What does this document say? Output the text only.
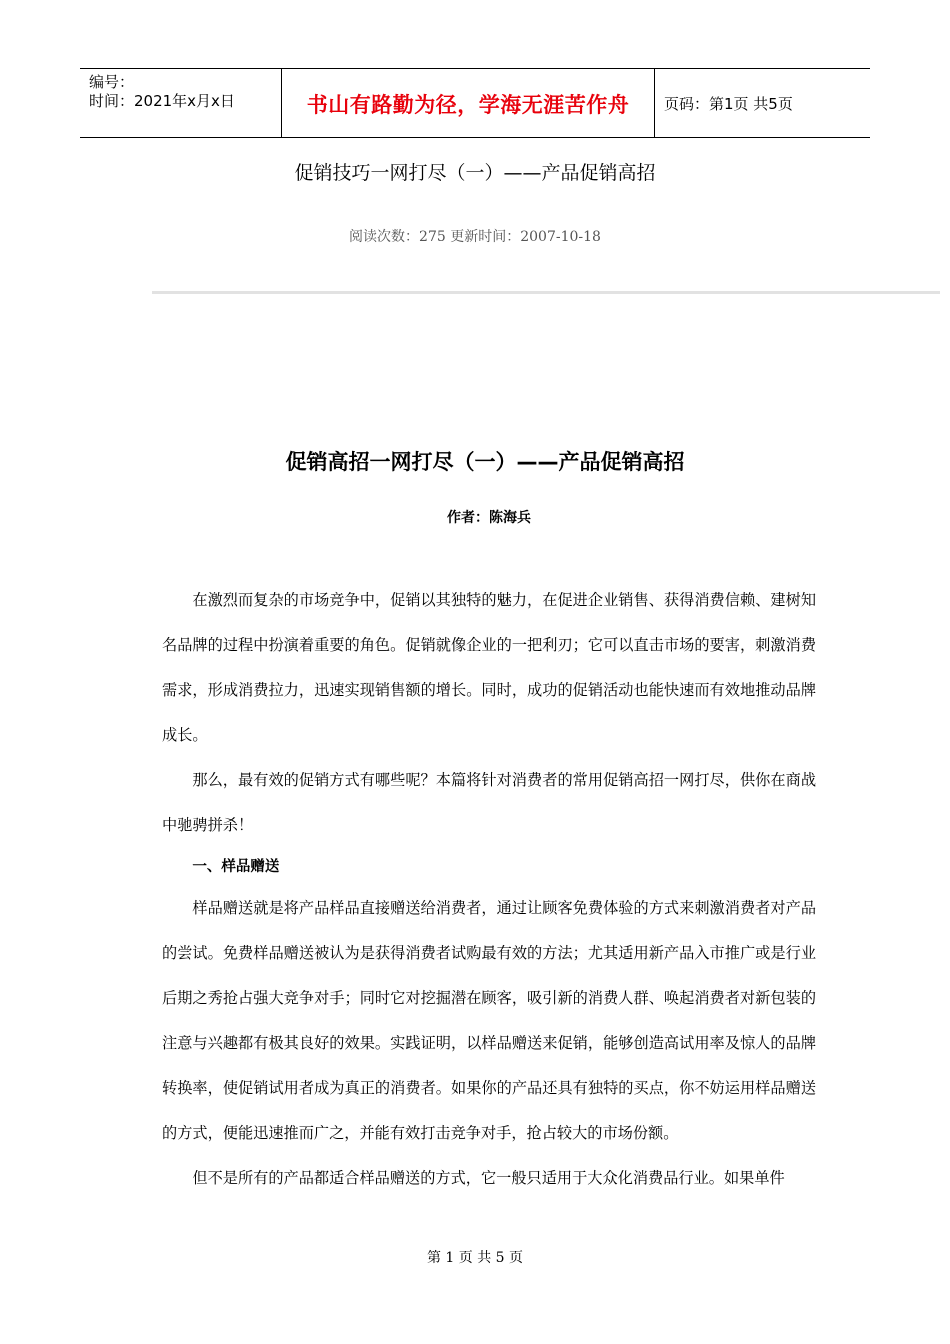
编号：
时间：2021年x月x日	书山有路勤为径，学海无涯苦作舟	页码：第1页 共5页
促销技巧一网打尽（一）——产品促销高招
阅读次数：275 更新时间：2007-10-18
促销高招一网打尽（一）——产品促销高招
作者：陈海兵

在激烈而复杂的市场竞争中，促销以其独特的魅力，在促进企业销售、获得消费信赖、建树知名品牌的过程中扮演着重要的角色。促销就像企业的一把利刃；它可以直击市场的要害，刺激消费需求，形成消费拉力，迅速实现销售额的增长。同时，成功的促销活动也能快速而有效地推动品牌成长。

那么，最有效的促销方式有哪些呢？本篇将针对消费者的常用促销高招一网打尽，供你在商战中驰骋拼杀！

一、样品赠送

样品赠送就是将产品样品直接赠送给消费者，通过让顾客免费体验的方式来刺激消费者对产品的尝试。免费样品赠送被认为是获得消费者试购最有效的方法；尤其适用新产品入市推广或是行业后期之秀抢占强大竞争对手；同时它对挖掘潜在顾客，吸引新的消费人群、唤起消费者对新包装的注意与兴趣都有极其良好的效果。实践证明，以样品赠送来促销，能够创造高试用率及惊人的品牌转换率，使促销试用者成为真正的消费者。如果你的产品还具有独特的买点，你不妨运用样品赠送的方式，便能迅速推而广之，并能有效打击竞争对手，抢占较大的市场份额。

但不是所有的产品都适合样品赠送的方式，它一般只适用于大众化消费品行业。如果单件

第 1 页 共 5 页
